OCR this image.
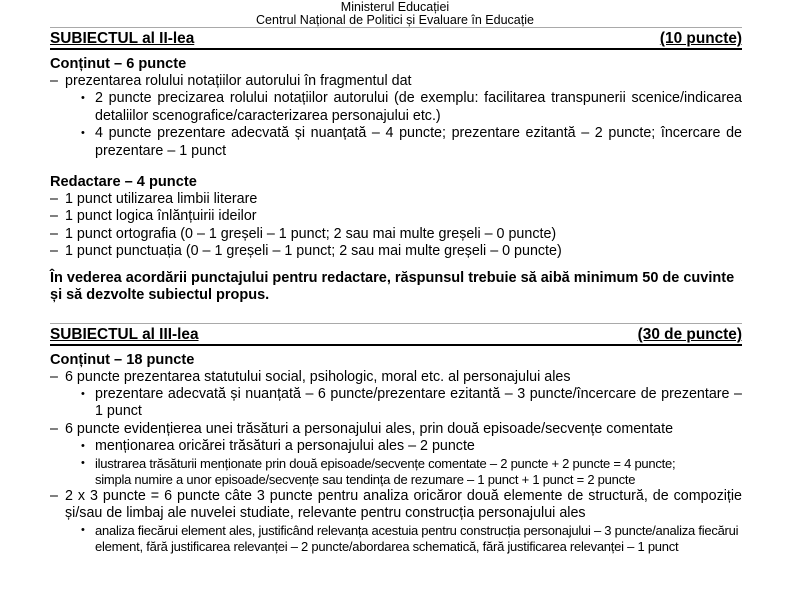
Ministerul Educației
Centrul Național de Politici și Evaluare în Educație
SUBIECTUL al II-lea	(10 puncte)
Conținut – 6 puncte
– prezentarea rolului notațiilor autorului în fragmentul dat
• 2 puncte precizarea rolului notațiilor autorului (de exemplu: facilitarea transpunerii scenice/indicarea detaliilor scenografice/caracterizarea personajului etc.)
• 4 puncte prezentare adecvată și nuanțată – 4 puncte; prezentare ezitantă – 2 puncte; încercare de prezentare – 1 punct
Redactare – 4 puncte
– 1 punct utilizarea limbii literare
– 1 punct logica înlănțuirii ideilor
– 1 punct ortografia (0 – 1 greșeli – 1 punct; 2 sau mai multe greșeli – 0 puncte)
– 1 punct punctuația (0 – 1 greșeli – 1 punct; 2 sau mai multe greșeli – 0 puncte)
În vederea acordării punctajului pentru redactare, răspunsul trebuie să aibă minimum 50 de cuvinte și să dezvolte subiectul propus.
SUBIECTUL al III-lea	(30 de puncte)
Conținut – 18 puncte
– 6 puncte prezentarea statutului social, psihologic, moral etc. al personajului ales
• prezentare adecvată și nuanțată – 6 puncte/prezentare ezitantă – 3 puncte/încercare de prezentare – 1 punct
– 6 puncte evidențierea unei trăsături a personajului ales, prin două episoade/secvențe comentate
• menționarea oricărei trăsături a personajului ales – 2 puncte
• ilustrarea trăsăturii menționate prin două episoade/secvențe comentate – 2 puncte + 2 puncte = 4 puncte;
simpla numire a unor episoade/secvențe sau tendința de rezumare – 1 punct + 1 punct = 2 puncte
– 2 x 3 puncte = 6 puncte câte 3 puncte pentru analiza oricăror două elemente de structură, de compoziție și/sau de limbaj ale nuvelei studiate, relevante pentru construcția personajului ales
• analiza fiecărui element ales, justificând relevanța acestuia pentru construcția personajului – 3 puncte/analiza fiecărui element, fără justificarea relevanței – 2 puncte/abordarea schematică, fără justificarea relevanței – 1 punct
